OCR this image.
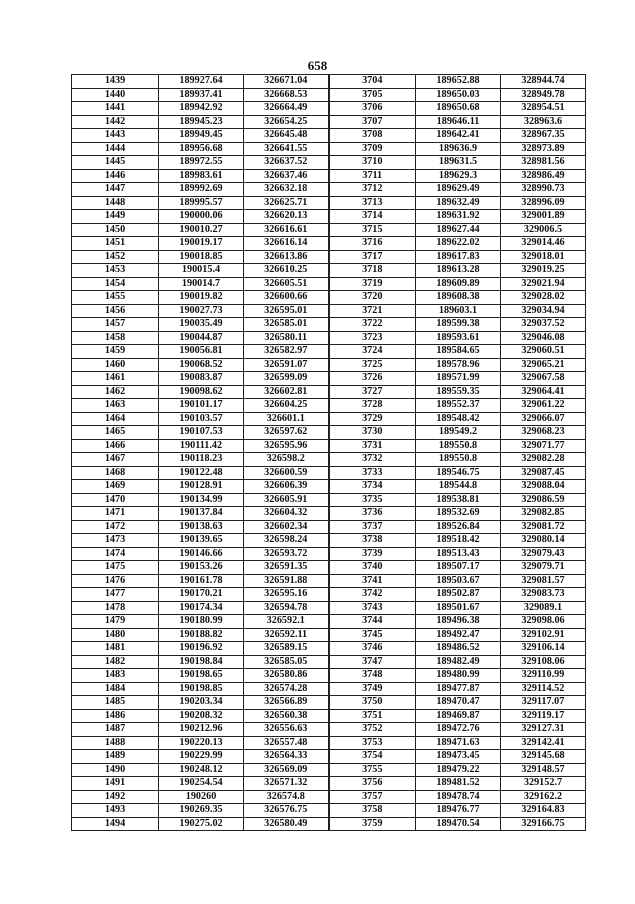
658
1439	189927.64	326671.04	3704	189652.88	328944.74
1440	189937.41	326668.53	3705	189650.03	328949.78
1441	189942.92	326664.49	3706	189650.68	328954.51
1442	189945.23	326654.25	3707	189646.11	328963.6
1443	189949.45	326645.48	3708	189642.41	328967.35
1444	189956.68	326641.55	3709	189636.9	328973.89
1445	189972.55	326637.52	3710	189631.5	328981.56
1446	189983.61	326637.46	3711	189629.3	328986.49
1447	189992.69	326632.18	3712	189629.49	328990.73
1448	189995.57	326625.71	3713	189632.49	328996.09
1449	190000.06	326620.13	3714	189631.92	329001.89
1450	190010.27	326616.61	3715	189627.44	329006.5
1451	190019.17	326616.14	3716	189622.02	329014.46
1452	190018.85	326613.86	3717	189617.83	329018.01
1453	190015.4	326610.25	3718	189613.28	329019.25
1454	190014.7	326605.51	3719	189609.89	329021.94
1455	190019.82	326600.66	3720	189608.38	329028.02
1456	190027.73	326595.01	3721	189603.1	329034.94
1457	190035.49	326585.01	3722	189599.38	329037.52
1458	190044.87	326580.11	3723	189593.61	329046.08
1459	190056.81	326582.97	3724	189584.65	329060.51
1460	190068.52	326591.07	3725	189578.96	329065.21
1461	190083.87	326599.09	3726	189571.99	329067.58
1462	190098.62	326602.81	3727	189559.35	329064.41
1463	190101.17	326604.25	3728	189552.37	329061.22
1464	190103.57	326601.1	3729	189548.42	329066.07
1465	190107.53	326597.62	3730	189549.2	329068.23
1466	190111.42	326595.96	3731	189550.8	329071.77
1467	190118.23	326598.2	3732	189550.8	329082.28
1468	190122.48	326600.59	3733	189546.75	329087.45
1469	190128.91	326606.39	3734	189544.8	329088.04
1470	190134.99	326605.91	3735	189538.81	329086.59
1471	190137.84	326604.32	3736	189532.69	329082.85
1472	190138.63	326602.34	3737	189526.84	329081.72
1473	190139.65	326598.24	3738	189518.42	329080.14
1474	190146.66	326593.72	3739	189513.43	329079.43
1475	190153.26	326591.35	3740	189507.17	329079.71
1476	190161.78	326591.88	3741	189503.67	329081.57
1477	190170.21	326595.16	3742	189502.87	329083.73
1478	190174.34	326594.78	3743	189501.67	329089.1
1479	190180.99	326592.1	3744	189496.38	329098.06
1480	190188.82	326592.11	3745	189492.47	329102.91
1481	190196.92	326589.15	3746	189486.52	329106.14
1482	190198.84	326585.05	3747	189482.49	329108.06
1483	190198.65	326580.86	3748	189480.99	329110.99
1484	190198.85	326574.28	3749	189477.87	329114.52
1485	190203.34	326566.89	3750	189470.47	329117.07
1486	190208.32	326560.38	3751	189469.87	329119.17
1487	190212.96	326556.63	3752	189472.76	329127.31
1488	190220.13	326557.48	3753	189471.63	329142.41
1489	190229.99	326564.33	3754	189473.45	329145.68
1490	190248.12	326569.09	3755	189479.22	329148.57
1491	190254.54	326571.32	3756	189481.52	329152.7
1492	190260	326574.8	3757	189478.74	329162.2
1493	190269.35	326576.75	3758	189476.77	329164.83
1494	190275.02	326580.49	3759	189470.54	329166.75
